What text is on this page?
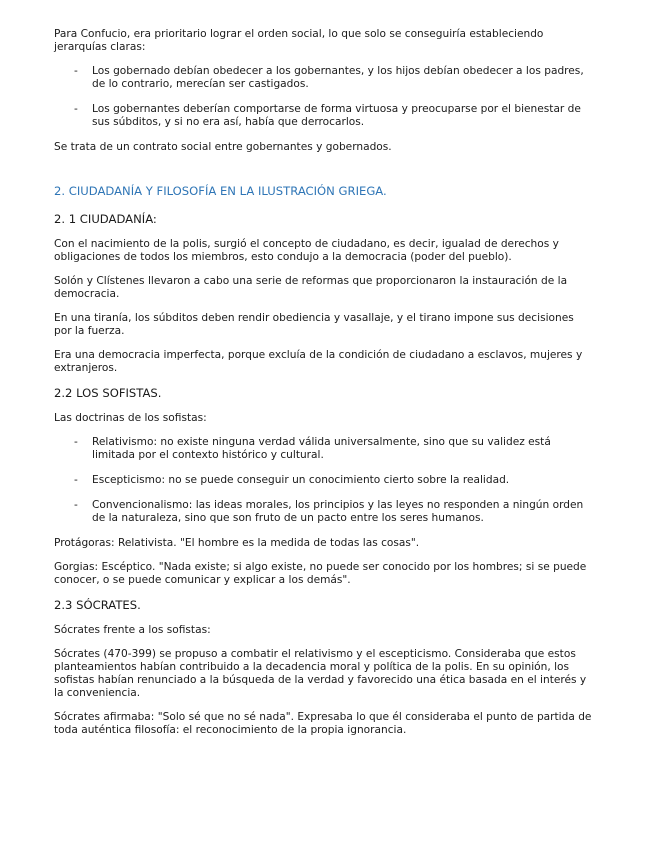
Para Confucio, era prioritario lograr el orden social, lo que solo se conseguiría estableciendo jerarquías claras:

- Los gobernado debían obedecer a los gobernantes, y los hijos debían obedecer a los padres, de lo contrario, merecían ser castigados.
- Los gobernantes deberían comportarse de forma virtuosa y preocuparse por el bienestar de sus súbditos, y si no era así, había que derrocarlos.

Se trata de un contrato social entre gobernantes y gobernados.

2. CIUDADANÍA Y FILOSOFÍA EN LA ILUSTRACIÓN GRIEGA.

2. 1 CIUDADANÍA:

Con el nacimiento de la polis, surgió el concepto de ciudadano, es decir, igualad de derechos y obligaciones de todos los miembros, esto condujo a la democracia (poder del pueblo).

Solón y Clístenes llevaron a cabo una serie de reformas que proporcionaron la instauración de la democracia.

En una tiranía, los súbditos deben rendir obediencia y vasallaje, y el tirano impone sus decisiones por la fuerza.

Era una democracia imperfecta, porque excluía de la condición de ciudadano a esclavos, mujeres y extranjeros.

2.2 LOS SOFISTAS.

Las doctrinas de los sofistas:

- Relativismo: no existe ninguna verdad válida universalmente, sino que su validez está limitada por el contexto histórico y cultural.
- Escepticismo: no se puede conseguir un conocimiento cierto sobre la realidad.
- Convencionalismo: las ideas morales, los principios y las leyes no responden a ningún orden de la naturaleza, sino que son fruto de un pacto entre los seres humanos.

Protágoras: Relativista. "El hombre es la medida de todas las cosas".

Gorgias: Escéptico. "Nada existe; si algo existe, no puede ser conocido por los hombres; si se puede conocer, o se puede comunicar y explicar a los demás".

2.3 SÓCRATES.

Sócrates frente a los sofistas:

Sócrates (470-399) se propuso a combatir el relativismo y el escepticismo. Consideraba que estos planteamientos habían contribuido a la decadencia moral y política de la polis. En su opinión, los sofistas habían renunciado a la búsqueda de la verdad y favorecido una ética basada en el interés y la conveniencia.

Sócrates afirmaba: "Solo sé que no sé nada". Expresaba lo que él consideraba el punto de partida de toda auténtica filosofía: el reconocimiento de la propia ignorancia.
